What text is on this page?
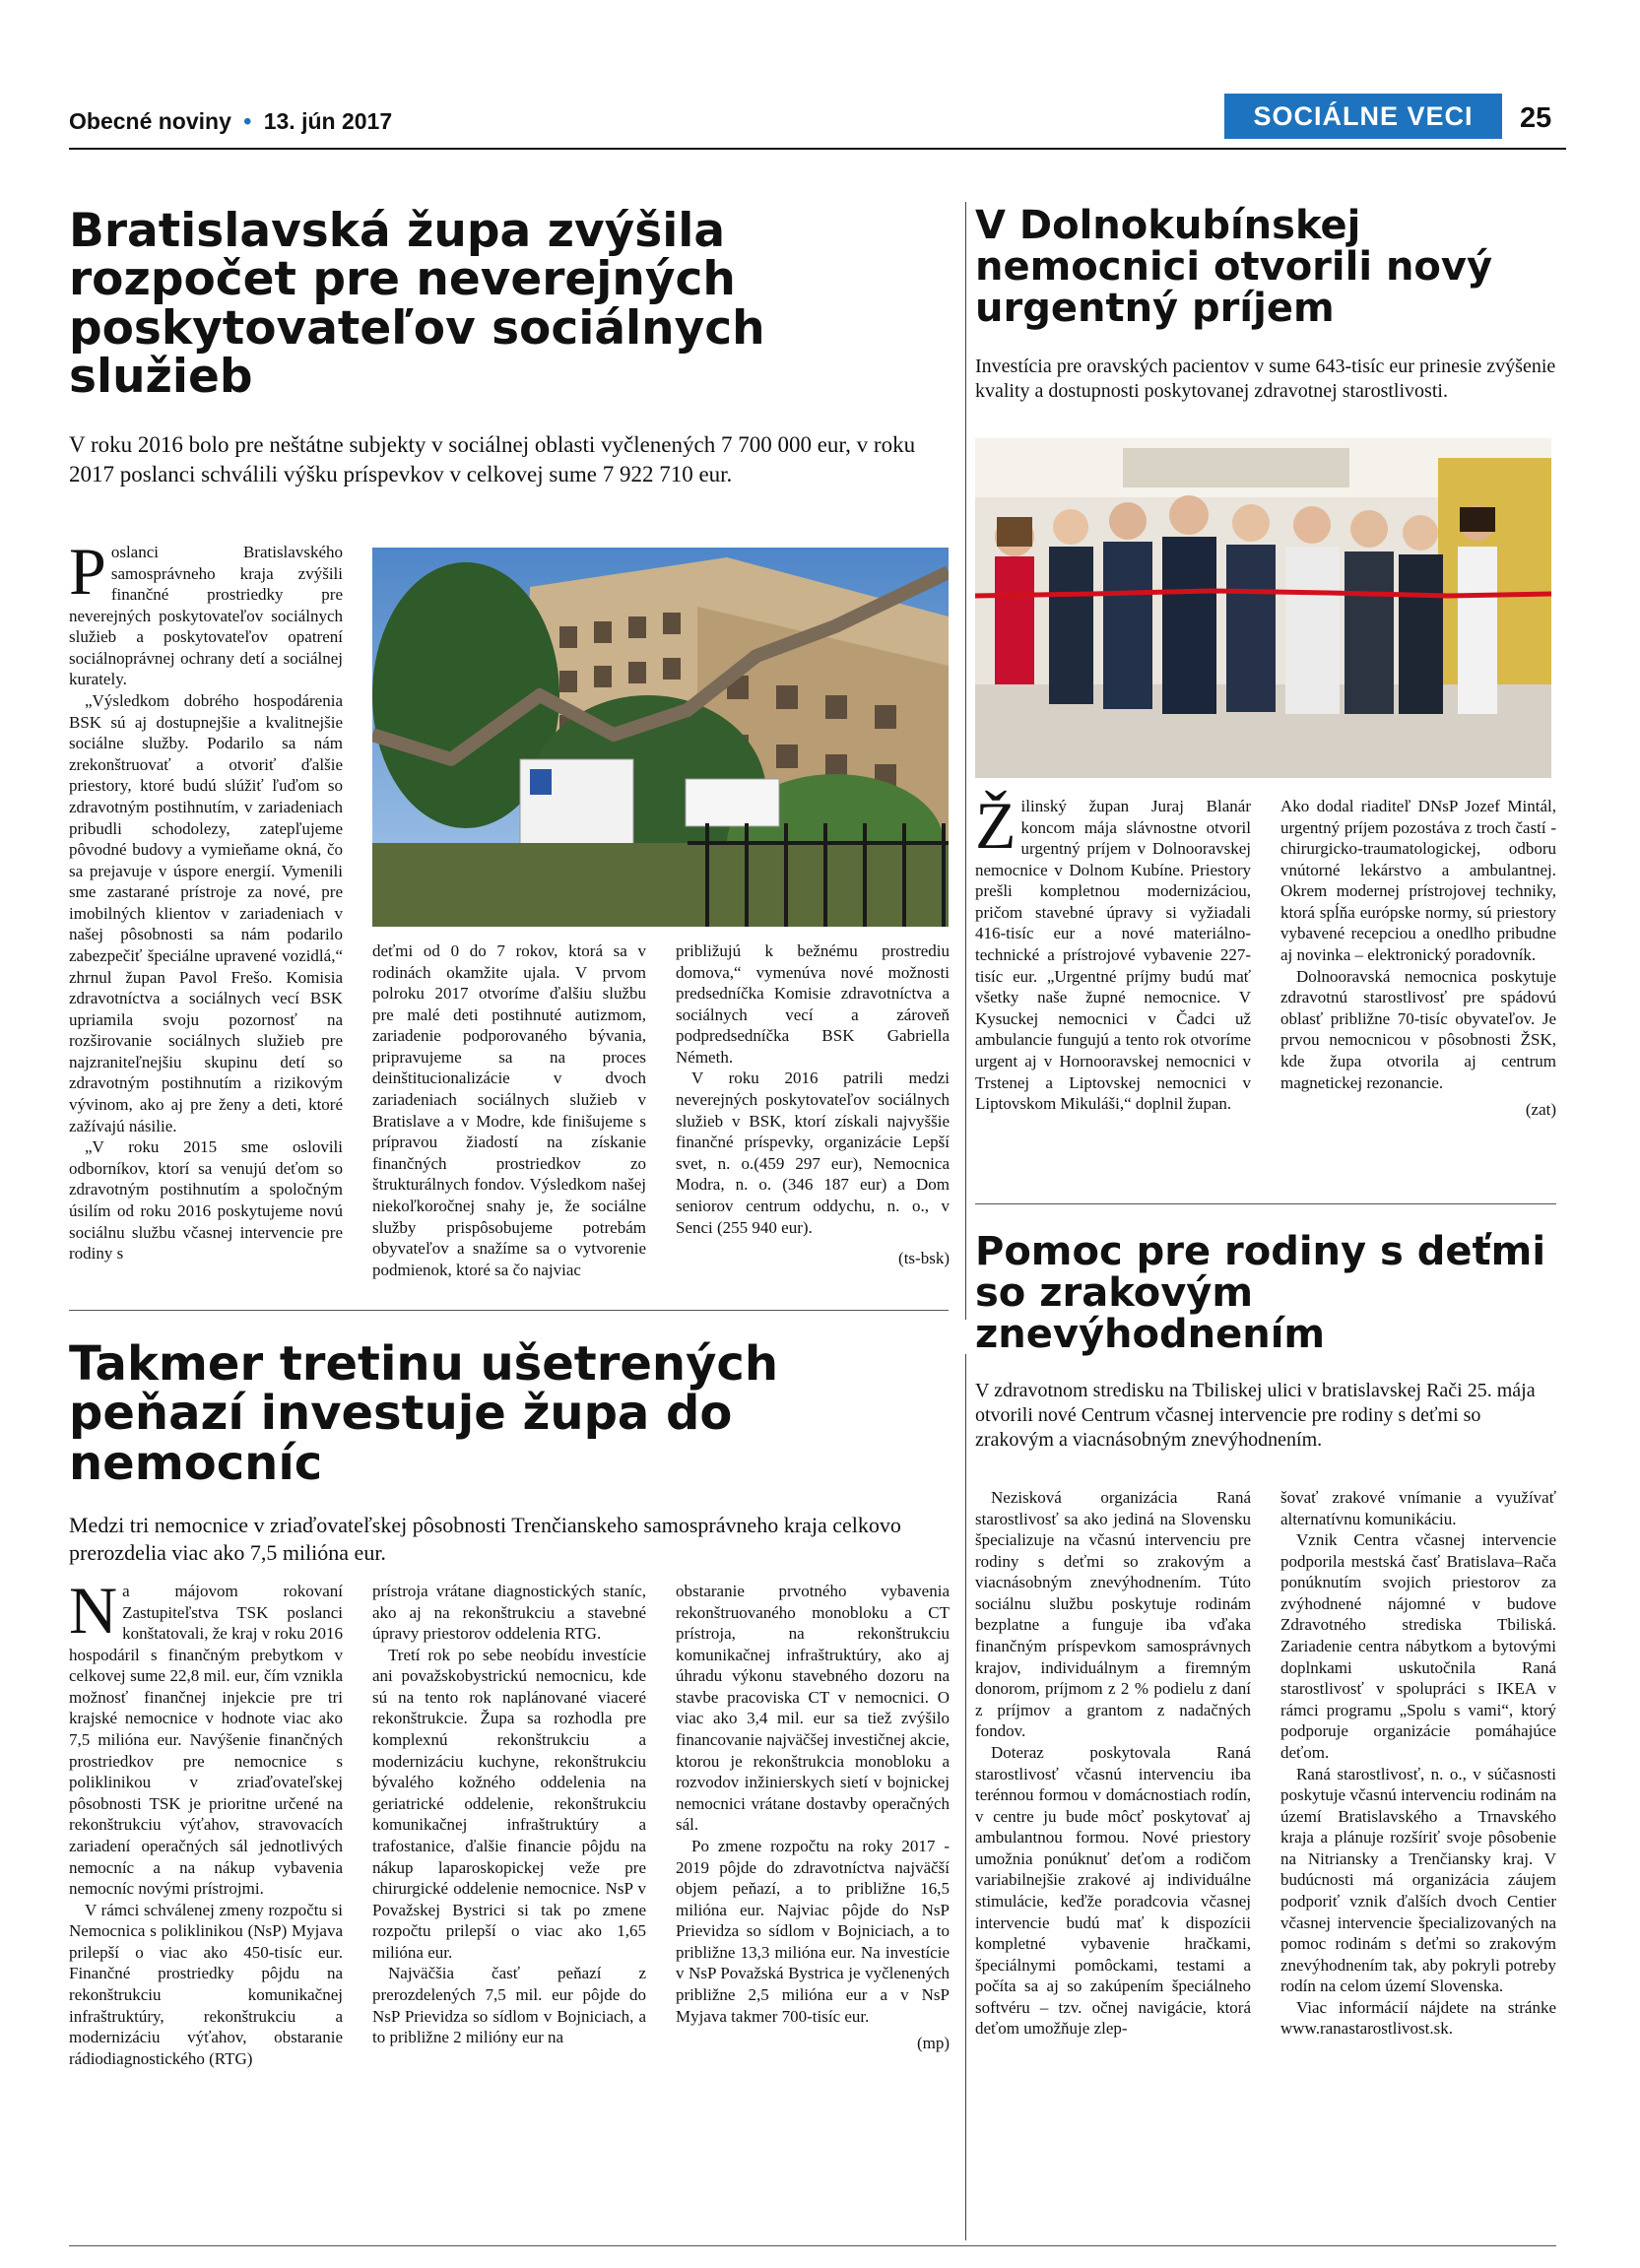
Obecné noviny • 13. jún 2017	SOCIÁLNE VECI	25
Bratislavská župa zvýšila rozpočet pre neverejných poskytovateľov sociálnych služieb
V roku 2016 bolo pre neštátne subjekty v sociálnej oblasti vyčlenených 7 700 000 eur, v roku 2017 poslanci schválili výšku príspevkov v celkovej sume 7 922 710 eur.

Poslanci Bratislavského samosprávneho kraja zvýšili finančné prostriedky pre neverejných poskytovateľov sociálnych služieb a poskytovateľov opatrení sociálnoprávnej ochrany detí a sociálnej kurately.

„Výsledkom dobrého hospodárenia BSK sú aj dostupnejšie a kvalitnejšie sociálne služby. Podarilo sa nám zrekonštruovať a otvoriť ďalšie priestory, ktoré budú slúžiť ľuďom so zdravotným postihnutím, v zariadeniach pribudli schodolezy, zatepľujeme pôvodné budovy a vymieňame okná, čo sa prejavuje v úspore energií. Vymenili sme zastarané prístroje za nové, pre imobilných klientov v zariadeniach v našej pôsobnosti sa nám podarilo zabezpečiť špeciálne upravené vozidlá,“ zhrnul župan Pavol Frešo. Komisia zdravotníctva a sociálnych vecí BSK upriamila svoju pozornosť na rozširovanie sociálnych služieb pre najzraniteľnejšiu skupinu detí so zdravotným postihnutím a rizikovým vývinom, ako aj pre ženy a deti, ktoré zažívajú násilie.

„V roku 2015 sme oslovili odborníkov, ktorí sa venujú deťom so zdravotným postihnutím a spoločným úsilím od roku 2016 poskytujeme novú sociálnu službu včasnej intervencie pre rodiny s

deťmi od 0 do 7 rokov, ktorá sa v rodinách okamžite ujala. V prvom polroku 2017 otvoríme ďalšiu službu pre malé deti postihnuté autizmom, zariadenie podporovaného bývania, pripravujeme sa na proces deinštitucionalizácie v dvoch zariadeniach sociálnych služieb v Bratislave a v Modre, kde finišujeme s prípravou žiadostí na získanie finančných prostriedkov zo štrukturálnych fondov. Výsledkom našej niekoľkoročnej snahy je, že sociálne služby prispôsobujeme potrebám obyvateľov a snažíme sa o vytvorenie podmienok, ktoré sa čo najviac

približujú k bežnému prostrediu domova,“ vymenúva nové možnosti predsedníčka Komisie zdravotníctva a sociálnych vecí a zároveň podpredsedníčka BSK Gabriella Németh.

V roku 2016 patrili medzi neverejných poskytovateľov sociálnych služieb v BSK, ktorí získali najvyššie finančné príspevky, organizácie Lepší svet, n. o.(459 297 eur), Nemocnica Modra, n. o. (346 187 eur) a Dom seniorov centrum oddychu, n. o., v Senci (255 940 eur).

(ts-bsk)
V Dolnokubínskej nemocnici otvorili nový urgentný príjem
Investícia pre oravských pacientov v sume 643-tisíc eur prinesie zvýšenie kvality a dostupnosti poskytovanej zdravotnej starostlivosti.

Žilinský župan Juraj Blanár koncom mája slávnostne otvoril urgentný príjem v Dolnooravskej nemocnice v Dolnom Kubíne. Priestory prešli kompletnou modernizáciou, pričom stavebné úpravy si vyžiadali 416-tisíc eur a nové materiálno-technické a prístrojové vybavenie 227-tisíc eur. „Urgentné príjmy budú mať všetky naše župné nemocnice. V Kysuckej nemocnici v Čadci už ambulancie fungujú a tento rok otvoríme urgent aj v Hornooravskej nemocnici v Trstenej a Liptovskej nemocnici v Liptovskom Mikuláši,“ doplnil župan.

Ako dodal riaditeľ DNsP Jozef Mintál, urgentný príjem pozostáva z troch častí - chirurgicko-traumatologickej, odboru vnútorné lekárstvo a ambulantnej. Okrem modernej prístrojovej techniky, ktorá spĺňa európske normy, sú priestory vybavené recepciou a onedlho pribudne aj novinka – elektronický poradovník.

Dolnooravská nemocnica poskytuje zdravotnú starostlivosť pre spádovú oblasť približne 70-tisíc obyvateľov. Je prvou nemocnicou v pôsobnosti ŽSK, kde župa otvorila aj centrum magnetickej rezonancie.

(zat)
Takmer tretinu ušetrených peňazí investuje župa do nemocníc
Medzi tri nemocnice v zriaďovateľskej pôsobnosti Trenčianskeho samosprávneho kraja celkovo prerozdelia viac ako 7,5 milióna eur.

Na májovom rokovaní Zastupiteľstva TSK poslanci konštatovali, že kraj v roku 2016 hospodáril s finančným prebytkom v celkovej sume 22,8 mil. eur, čím vznikla možnosť finančnej injekcie pre tri krajské nemocnice v hodnote viac ako 7,5 milióna eur. Navýšenie finančných prostriedkov pre nemocnice s poliklinikou v zriaďovateľskej pôsobnosti TSK je prioritne určené na rekonštrukciu výťahov, stravovacích zariadení operačných sál jednotlivých nemocníc a na nákup vybavenia nemocníc novými prístrojmi.

V rámci schválenej zmeny rozpočtu si Nemocnica s poliklinikou (NsP) Myjava prilepší o viac ako 450-tisíc eur. Finančné prostriedky pôjdu na rekonštrukciu komunikačnej infraštruktúry, rekonštrukciu a modernizáciu výťahov, obstaranie rádiodiagnostického (RTG)

prístroja vrátane diagnostických staníc, ako aj na rekonštrukciu a stavebné úpravy priestorov oddelenia RTG.

Tretí rok po sebe neobídu investície ani považskobystrickú nemocnicu, kde sú na tento rok naplánované viaceré rekonštrukcie. Župa sa rozhodla pre komplexnú rekonštrukciu a modernizáciu kuchyne, rekonštrukciu bývalého kožného oddelenia na geriatrické oddelenie, rekonštrukciu komunikačnej infraštruktúry a trafostanice, ďalšie financie pôjdu na nákup laparoskopickej veže pre chirurgické oddelenie nemocnice. NsP v Považskej Bystrici si tak po zmene rozpočtu prilepší o viac ako 1,65 milióna eur.

Najväčšia časť peňazí z prerozdelených 7,5 mil. eur pôjde do NsP Prievidza so sídlom v Bojniciach, a to približne 2 milióny eur na

obstaranie prvotného vybavenia rekonštruovaného monobloku a CT prístroja, na rekonštrukciu komunikačnej infraštruktúry, ako aj úhradu výkonu stavebného dozoru na stavbe pracoviska CT v nemocnici. O viac ako 3,4 mil. eur sa tiež zvýšilo financovanie najväčšej investičnej akcie, ktorou je rekonštrukcia monobloku a rozvodov inžinierskych sietí v bojnickej nemocnici vrátane dostavby operačných sál.

Po zmene rozpočtu na roky 2017 - 2019 pôjde do zdravotníctva najväčší objem peňazí, a to približne 16,5 milióna eur. Najviac pôjde do NsP Prievidza so sídlom v Bojniciach, a to približne 13,3 milióna eur. Na investície v NsP Považská Bystrica je vyčlenených približne 2,5 milióna eur a v NsP Myjava takmer 700-tisíc eur.

(mp)
Pomoc pre rodiny s deťmi so zrakovým znevýhodnením
V zdravotnom stredisku na Tbiliskej ulici v bratislavskej Rači 25. mája otvorili nové Centrum včasnej intervencie pre rodiny s deťmi so zrakovým a viacnásobným znevýhodnením.

Nezisková organizácia Raná starostlivosť sa ako jediná na Slovensku špecializuje na včasnú intervenciu pre rodiny s deťmi so zrakovým a viacnásobným znevýhodnením. Túto sociálnu službu poskytuje rodinám bezplatne a funguje iba vďaka finančným príspevkom samosprávnych krajov, individuálnym a firemným donorom, príjmom z 2 % podielu z daní z príjmov a grantom z nadačných fondov.

Doteraz poskytovala Raná starostlivosť včasnú intervenciu iba terénnou formou v domácnostiach rodín, v centre ju bude môcť poskytovať aj ambulantnou formou. Nové priestory umožnia ponúknuť deťom a rodičom variabilnejšie zrakové aj individuálne stimulácie, keďže poradcovia včasnej intervencie budú mať k dispozícii kompletné vybavenie hračkami, špeciálnymi pomôckami, testami a počíta sa aj so zakúpením špeciálneho softvéru – tzv. očnej navigácie, ktorá deťom umožňuje zlep-

šovať zrakové vnímanie a využívať alternatívnu komunikáciu.

Vznik Centra včasnej intervencie podporila mestská časť Bratislava–Rača ponúknutím svojich priestorov za zvýhodnené nájomné v budove Zdravotného strediska Tbiliská. Zariadenie centra nábytkom a bytovými doplnkami uskutočnila Raná starostlivosť v spolupráci s IKEA v rámci programu „Spolu s vami“, ktorý podporuje organizácie pomáhajúce deťom.

Raná starostlivosť, n. o., v súčasnosti poskytuje včasnú intervenciu rodinám na území Bratislavského a Trnavského kraja a plánuje rozšíriť svoje pôsobenie na Nitriansky a Trenčiansky kraj. V budúcnosti má organizácia záujem podporiť vznik ďalších dvoch Centier včasnej intervencie špecializovaných na pomoc rodinám s deťmi so zrakovým znevýhodnením tak, aby pokryli potreby rodín na celom území Slovenska.

Viac informácií nájdete na stránke www.ranastarostlivost.sk.
